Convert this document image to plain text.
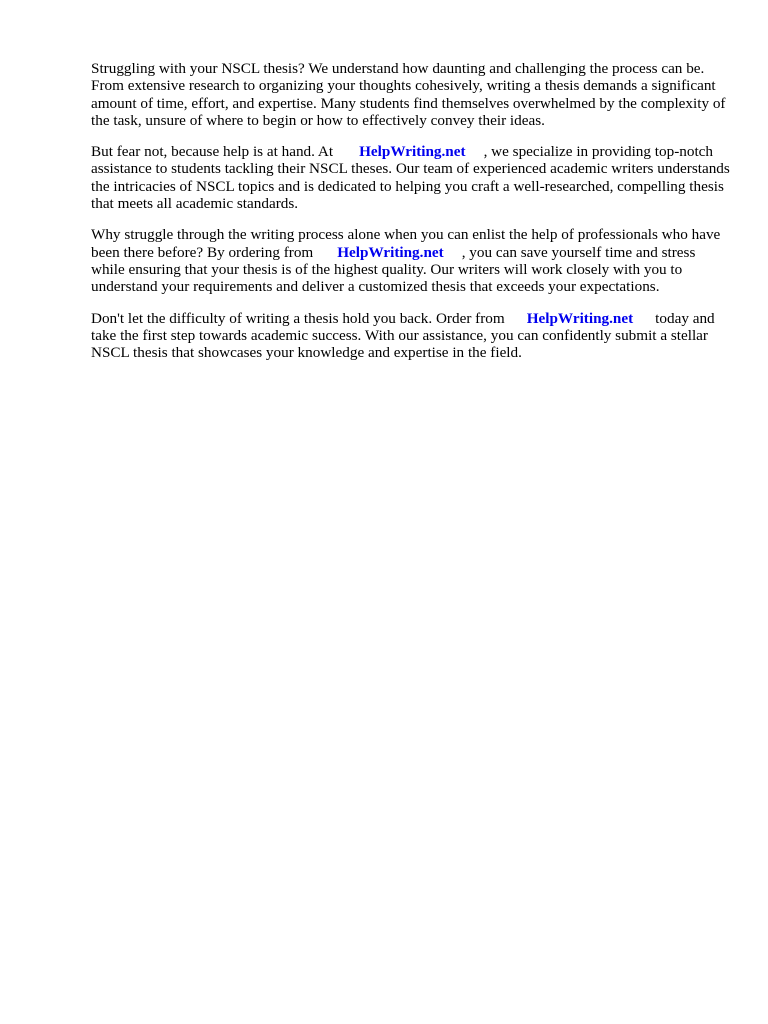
Struggling with your NSCL thesis? We understand how daunting and challenging the process can be. From extensive research to organizing your thoughts cohesively, writing a thesis demands a significant amount of time, effort, and expertise. Many students find themselves overwhelmed by the complexity of the task, unsure of where to begin or how to effectively convey their ideas.

But fear not, because help is at hand. At HelpWriting.net , we specialize in providing top-notch assistance to students tackling their NSCL theses. Our team of experienced academic writers understands the intricacies of NSCL topics and is dedicated to helping you craft a well-researched, compelling thesis that meets all academic standards.

Why struggle through the writing process alone when you can enlist the help of professionals who have been there before? By ordering from HelpWriting.net , you can save yourself time and stress while ensuring that your thesis is of the highest quality. Our writers will work closely with you to understand your requirements and deliver a customized thesis that exceeds your expectations.

Don't let the difficulty of writing a thesis hold you back. Order from HelpWriting.net today and take the first step towards academic success. With our assistance, you can confidently submit a stellar NSCL thesis that showcases your knowledge and expertise in the field.
